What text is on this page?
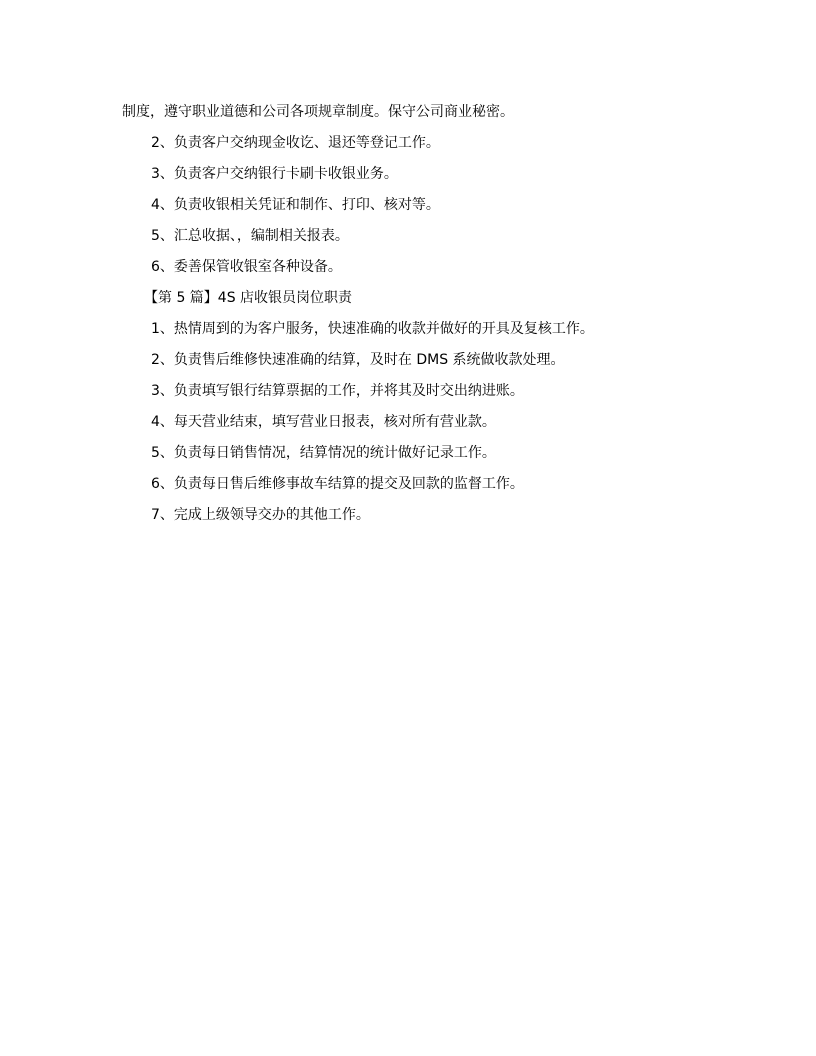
制度，遵守职业道德和公司各项规章制度。保守公司商业秘密。
2、负责客户交纳现金收讫、退还等登记工作。
3、负责客户交纳银行卡刷卡收银业务。
4、负责收银相关凭证和制作、打印、核对等。
5、汇总收据、，编制相关报表。
6、委善保管收银室各种设备。
【第 5 篇】4S 店收银员岗位职责
1、热情周到的为客户服务，快速准确的收款并做好的开具及复核工作。
2、负责售后维修快速准确的结算，及时在 DMS 系统做收款处理。
3、负责填写银行结算票据的工作，并将其及时交出纳进账。
4、每天营业结束，填写营业日报表，核对所有营业款。
5、负责每日销售情况，结算情况的统计做好记录工作。
6、负责每日售后维修事故车结算的提交及回款的监督工作。
7、完成上级领导交办的其他工作。
